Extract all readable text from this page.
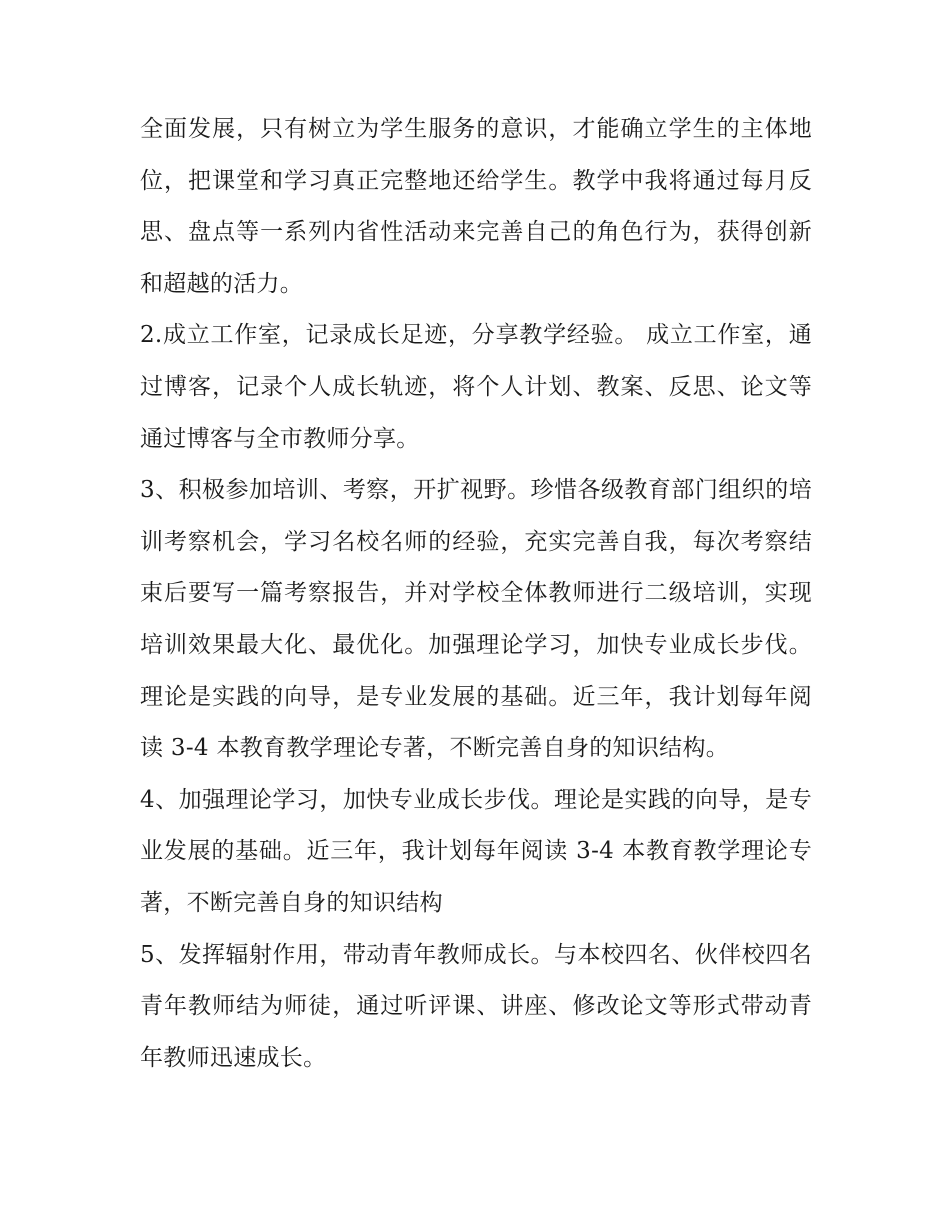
全面发展，只有树立为学生服务的意识，才能确立学生的主体地位，把课堂和学习真正完整地还给学生。教学中我将通过每月反思、盘点等一系列内省性活动来完善自己的角色行为，获得创新和超越的活力。

2.成立工作室，记录成长足迹，分享教学经验。 成立工作室，通过博客，记录个人成长轨迹，将个人计划、教案、反思、论文等通过博客与全市教师分享。

3、积极参加培训、考察，开扩视野。珍惜各级教育部门组织的培训考察机会，学习名校名师的经验，充实完善自我，每次考察结束后要写一篇考察报告，并对学校全体教师进行二级培训，实现培训效果最大化、最优化。加强理论学习，加快专业成长步伐。理论是实践的向导，是专业发展的基础。近三年，我计划每年阅读 3-4 本教育教学理论专著，不断完善自身的知识结构。

4、加强理论学习，加快专业成长步伐。理论是实践的向导，是专业发展的基础。近三年，我计划每年阅读 3-4 本教育教学理论专著，不断完善自身的知识结构

5、发挥辐射作用，带动青年教师成长。与本校四名、伙伴校四名青年教师结为师徒，通过听评课、讲座、修改论文等形式带动青年教师迅速成长。
